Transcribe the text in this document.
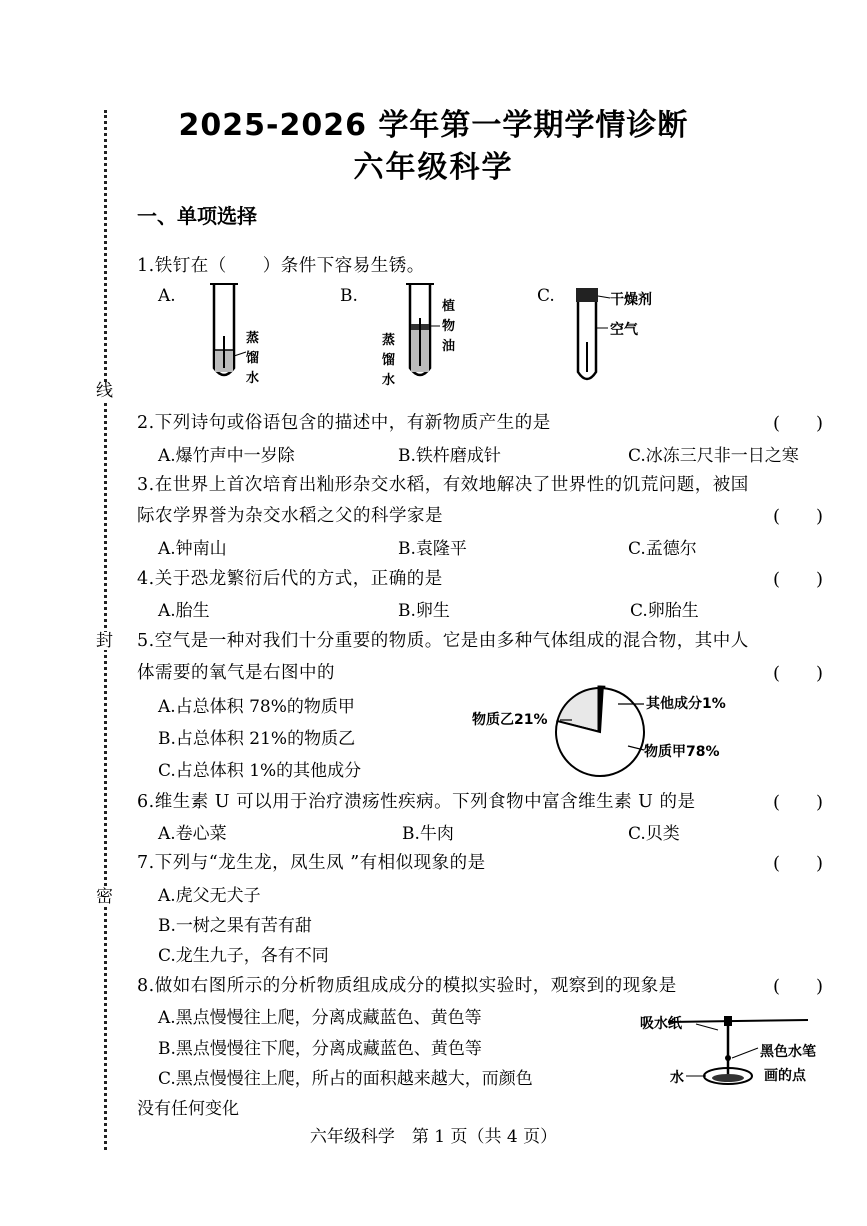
线
封
密
2025-2026 学年第一学期学情诊断
六年级科学
一、单项选择
1.铁钉在（　　）条件下容易生锈。
A.	B.	C.
蒸
馏
水
植
物
油
蒸
馏
水
干燥剂
空气
2.下列诗句或俗语包含的描述中，有新物质产生的是	(　　)
A.爆竹声中一岁除	B.铁杵磨成针	C.冰冻三尺非一日之寒
3.在世界上首次培育出籼形杂交水稻，有效地解决了世界性的饥荒问题，被国
际农学界誉为杂交水稻之父的科学家是	(　　)
A.钟南山	B.袁隆平	C.孟德尔
4.关于恐龙繁衍后代的方式，正确的是	(　　)
A.胎生	B.卵生	C.卵胎生
5.空气是一种对我们十分重要的物质。它是由多种气体组成的混合物，其中人
体需要的氧气是右图中的	(　　)
A.占总体积 78%的物质甲
B.占总体积 21%的物质乙
C.占总体积 1%的其他成分
物质甲78%
物质乙21%
其他成分1%
6.维生素 U 可以用于治疗溃疡性疾病。下列食物中富含维生素 U 的是	(　　)
A.卷心菜	B.牛肉	C.贝类
7.下列与“龙生龙，凤生凤 ”有相似现象的是	(　　)
A.虎父无犬子
B.一树之果有苦有甜
C.龙生九子，各有不同
8.做如右图所示的分析物质组成成分的模拟实验时，观察到的现象是	(　　)
A.黑点慢慢往上爬，分离成藏蓝色、黄色等
B.黑点慢慢往下爬，分离成藏蓝色、黄色等
C.黑点慢慢往上爬，所占的面积越来越大，而颜色
没有任何变化
吸水纸
黑色水笔
画的点
水
六年级科学　第 1 页（共 4 页）
